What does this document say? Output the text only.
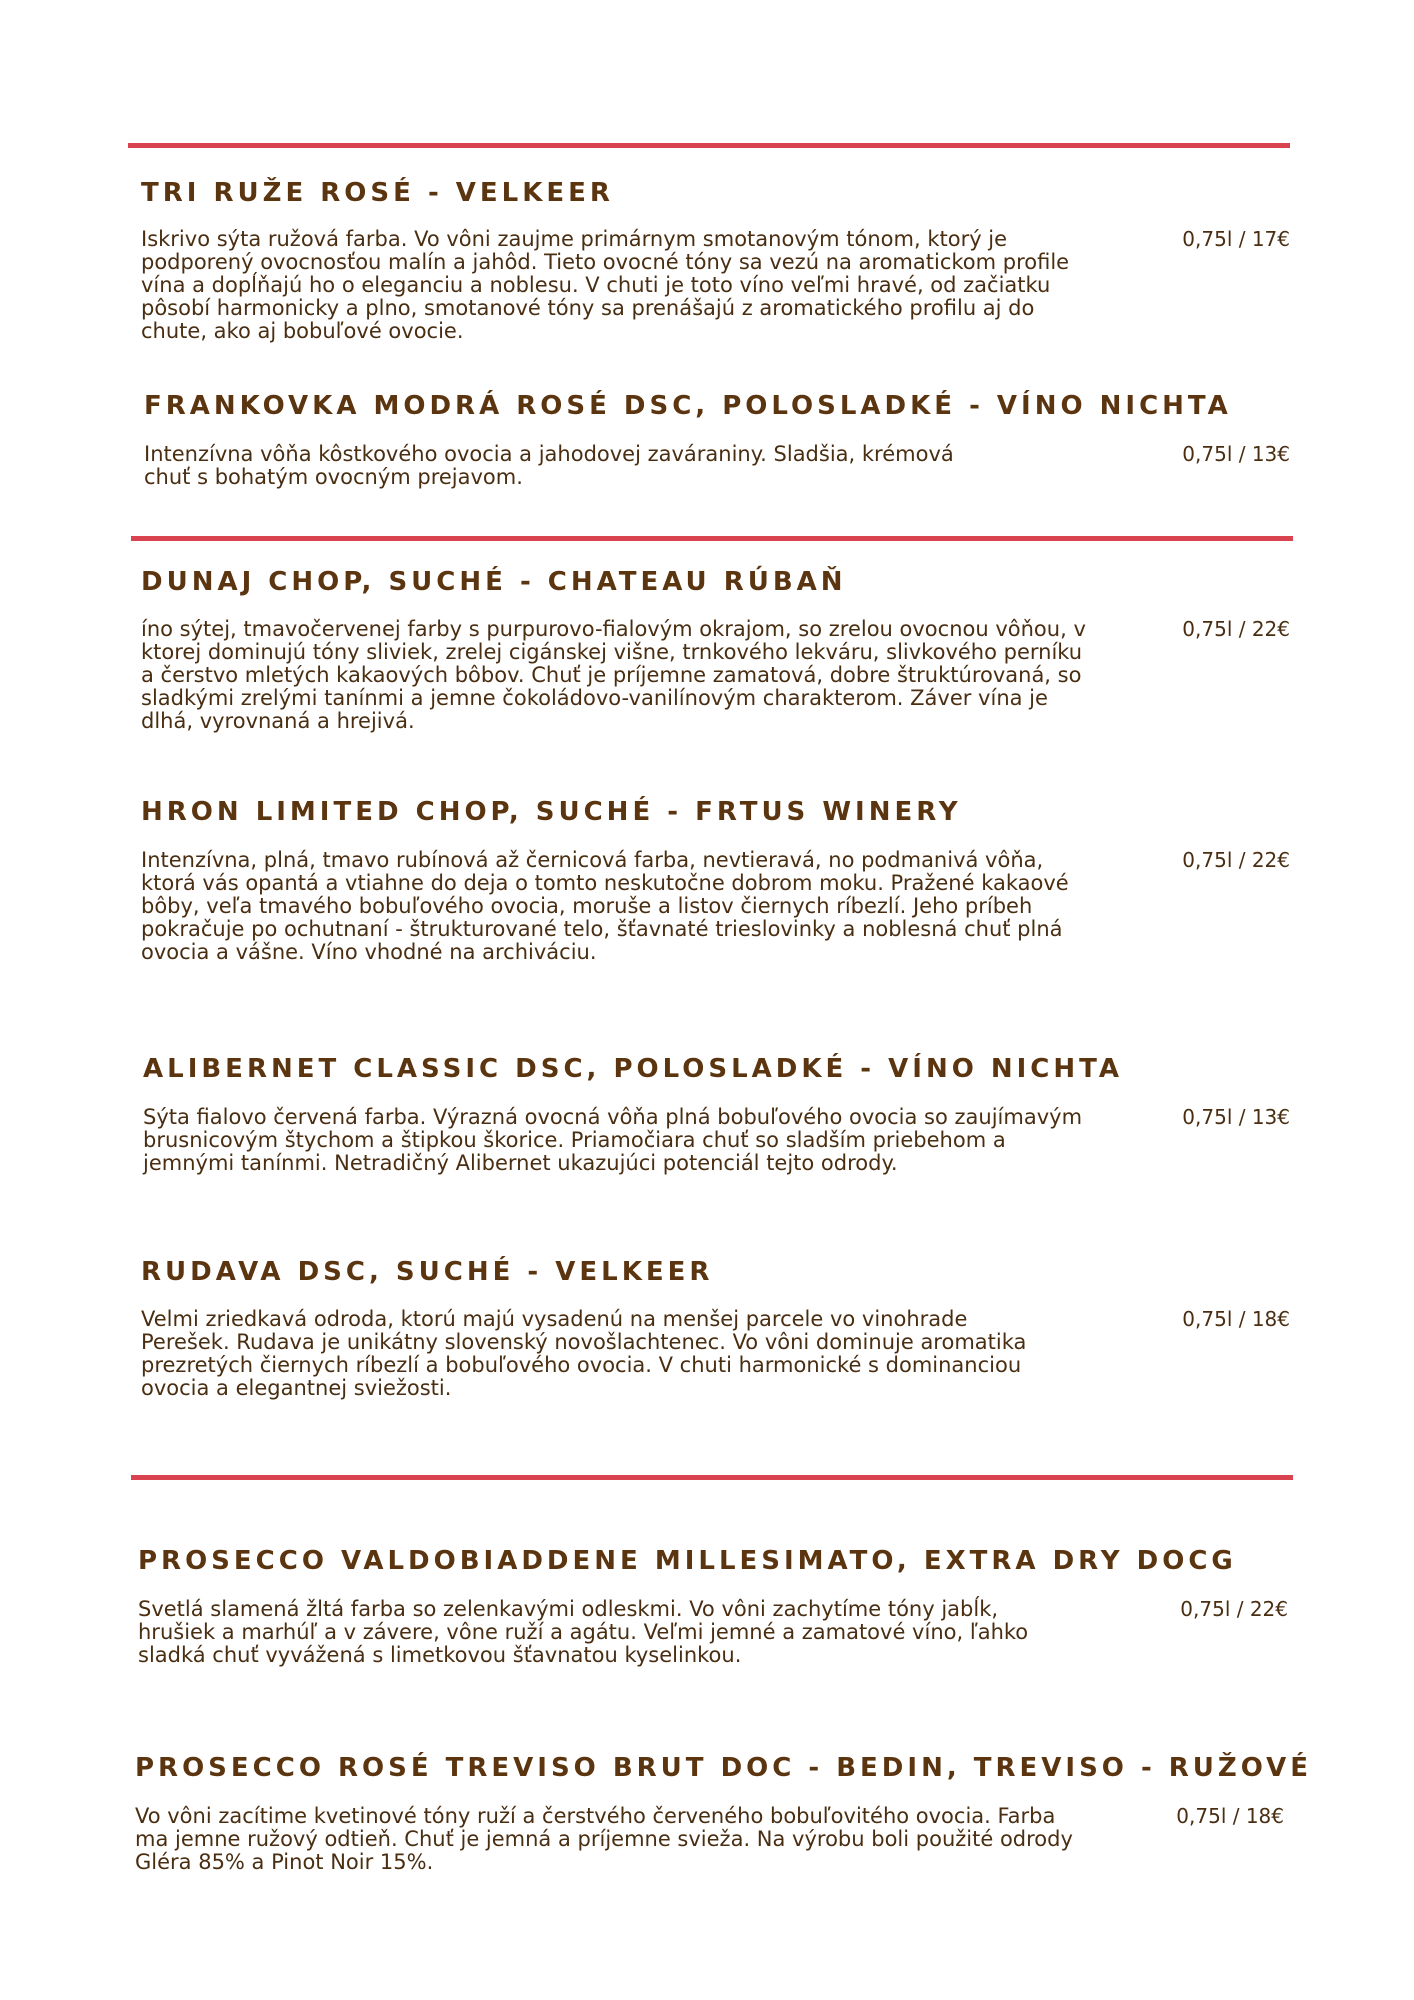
TRI RUŽE ROSÉ - VELKEER

Iskrivo sýta ružová farba. Vo vôni zaujme primárnym smotanovým tónom, ktorý je podporený ovocnosťou malín a jahôd. Tieto ovocné tóny sa vezú na aromatickom profile vína a dopĺňajú ho o eleganciu a noblesu. V chuti je toto víno veľmi hravé, od začiatku pôsobí harmonicky a plno, smotanové tóny sa prenášajú z aromatického profilu aj do chute, ako aj bobuľové ovocie.

0,75l / 17€

FRANKOVKA MODRÁ ROSÉ DSC, POLOSLADKÉ - VÍNO NICHTA

Intenzívna vôňa kôstkového ovocia a jahodovej zaváraniny. Sladšia, krémová chuť s bohatým ovocným prejavom.

0,75l / 13€

DUNAJ CHOP, SUCHÉ - CHATEAU RÚBAŇ

íno sýtej, tmavočervenej farby s purpurovo-fialovým okrajom, so zrelou ovocnou vôňou, v ktorej dominujú tóny sliviek, zrelej cigánskej višne, trnkového lekváru, slivkového perníku a čerstvo mletých kakaových bôbov. Chuť je príjemne zamatová, dobre štruktúrovaná, so sladkými zrelými tanínmi a jemne čokoládovo-vanilínovým charakterom. Záver vína je dlhá, vyrovnaná a hrejivá.

0,75l / 22€

HRON LIMITED CHOP, SUCHÉ - FRTUS WINERY

Intenzívna, plná, tmavo rubínová až černicová farba, nevtieravá, no podmanivá vôňa, ktorá vás opantá a vtiahne do deja o tomto neskutočne dobrom moku. Pražené kakaové bôby, veľa tmavého bobuľového ovocia, moruše a listov čiernych ríbezlí. Jeho príbeh pokračuje po ochutnaní - štrukturované telo, šťavnaté trieslovinky a noblesná chuť plná ovocia a vášne. Víno vhodné na archiváciu.

0,75l / 22€

ALIBERNET CLASSIC DSC, POLOSLADKÉ - VÍNO NICHTA

Sýta fialovo červená farba. Výrazná ovocná vôňa plná bobuľového ovocia so zaujímavým brusnicovým štychom a štipkou škorice. Priamočiara chuť so sladším priebehom a jemnými tanínmi. Netradičný Alibernet ukazujúci potenciál tejto odrody.

0,75l / 13€

RUDAVA DSC, SUCHÉ - VELKEER

Velmi zriedkavá odroda, ktorú majú vysadenú na menšej parcele vo vinohrade Perešek. Rudava je unikátny slovenský novošlachtenec. Vo vôni dominuje aromatika prezretých čiernych ríbezlí a bobuľového ovocia. V chuti harmonické s dominanciou ovocia a elegantnej sviežosti.

0,75l / 18€

PROSECCO VALDOBIADDENE MILLESIMATO, EXTRA DRY DOCG

Svetlá slamená žltá farba so zelenkavými odleskmi. Vo vôni zachytíme tóny jabĺk, hrušiek a marhúľ a v závere, vône ruží a agátu. Veľmi jemné a zamatové víno, ľahko sladká chuť vyvážená s limetkovou šťavnatou kyselinkou.

0,75l / 22€

PROSECCO ROSÉ TREVISO BRUT DOC - BEDIN, TREVISO - RUŽOVÉ

Vo vôni zacítime kvetinové tóny ruží a čerstvého červeného bobuľovitého ovocia. Farba ma jemne ružový odtieň. Chuť je jemná a príjemne svieža. Na výrobu boli použité odrody Gléra 85% a Pinot Noir 15%.

0,75l / 18€
